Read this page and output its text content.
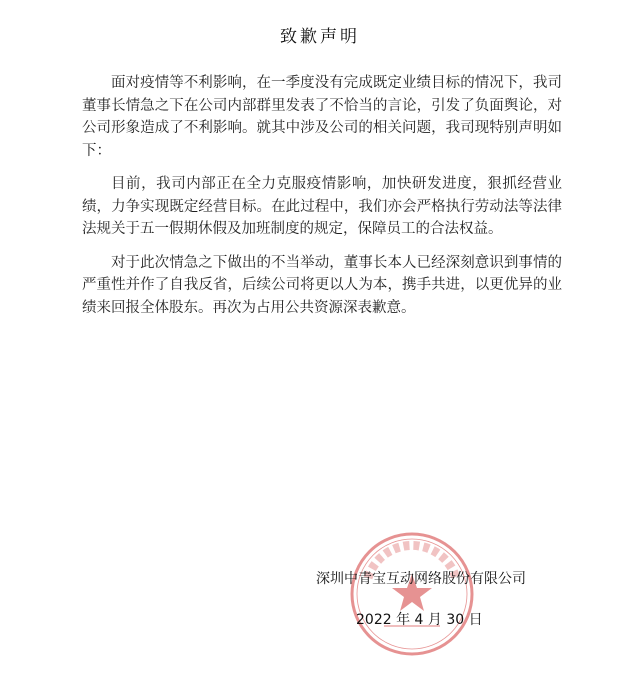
致歉声明

面对疫情等不利影响，在一季度没有完成既定业绩目标的情况下，我司董事长情急之下在公司内部群里发表了不恰当的言论，引发了负面舆论，对公司形象造成了不利影响。就其中涉及公司的相关问题，我司现特别声明如下：

目前，我司内部正在全力克服疫情影响，加快研发进度，狠抓经营业绩，力争实现既定经营目标。在此过程中，我们亦会严格执行劳动法等法律法规关于五一假期休假及加班制度的规定，保障员工的合法权益。

对于此次情急之下做出的不当举动，董事长本人已经深刻意识到事情的严重性并作了自我反省，后续公司将更以人为本，携手共进，以更优异的业绩来回报全体股东。再次为占用公共资源深表歉意。

深圳中青宝互动网络股份有限公司
2022 年 4 月 30 日
